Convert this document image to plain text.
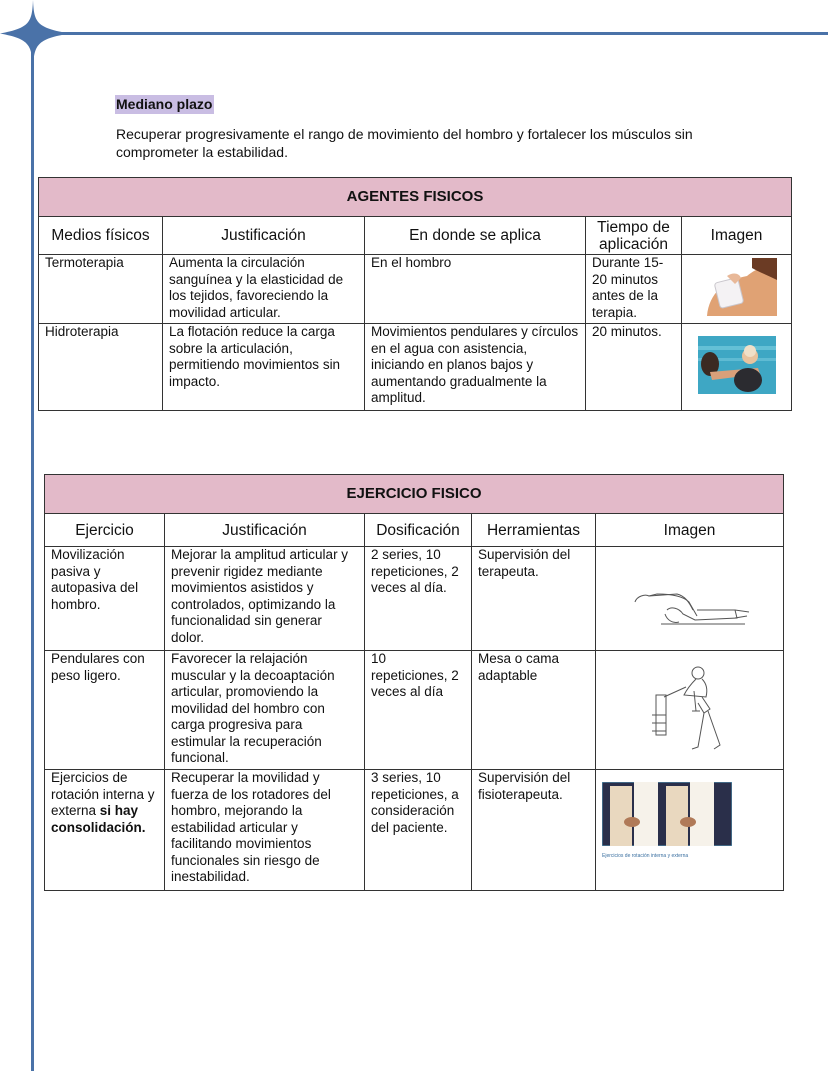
Mediano plazo
Recuperar progresivamente el rango de movimiento del hombro y fortalecer los músculos sin comprometer la estabilidad.
AGENTES FISICOS				
Medios físicos	Justificación	En donde se aplica	Tiempo de aplicación	Imagen
Termoterapia	Aumenta la circulación sanguínea y la elasticidad de los tejidos, favoreciendo la movilidad articular.	En el hombro	Durante 15-20 minutos antes de la terapia.	
Hidroterapia	La flotación reduce la carga sobre la articulación, permitiendo movimientos sin impacto.	Movimientos pendulares y círculos en el agua con asistencia, iniciando en planos bajos y aumentando gradualmente la amplitud.	20 minutos.	
EJERCICIO FISICO				
Ejercicio	Justificación	Dosificación	Herramientas	Imagen
Movilización pasiva y autopasiva del hombro.	Mejorar la amplitud articular y prevenir rigidez mediante movimientos asistidos y controlados, optimizando la funcionalidad sin generar dolor.	2 series, 10 repeticiones, 2 veces al día.	Supervisión del terapeuta.	
Pendulares con peso ligero.	Favorecer la relajación muscular y la decoaptación articular, promoviendo la movilidad del hombro con carga progresiva para estimular la recuperación funcional.	10 repeticiones, 2 veces al día	Mesa o cama adaptable	
Ejercicios de rotación interna y externa si hay consolidación.	Recuperar la movilidad y fuerza de los rotadores del hombro, mejorando la estabilidad articular y facilitando movimientos funcionales sin riesgo de inestabilidad.	3 series, 10 repeticiones, a consideración del paciente.	Supervisión del fisioterapeuta.	Ejercicios de rotación interna y externa
